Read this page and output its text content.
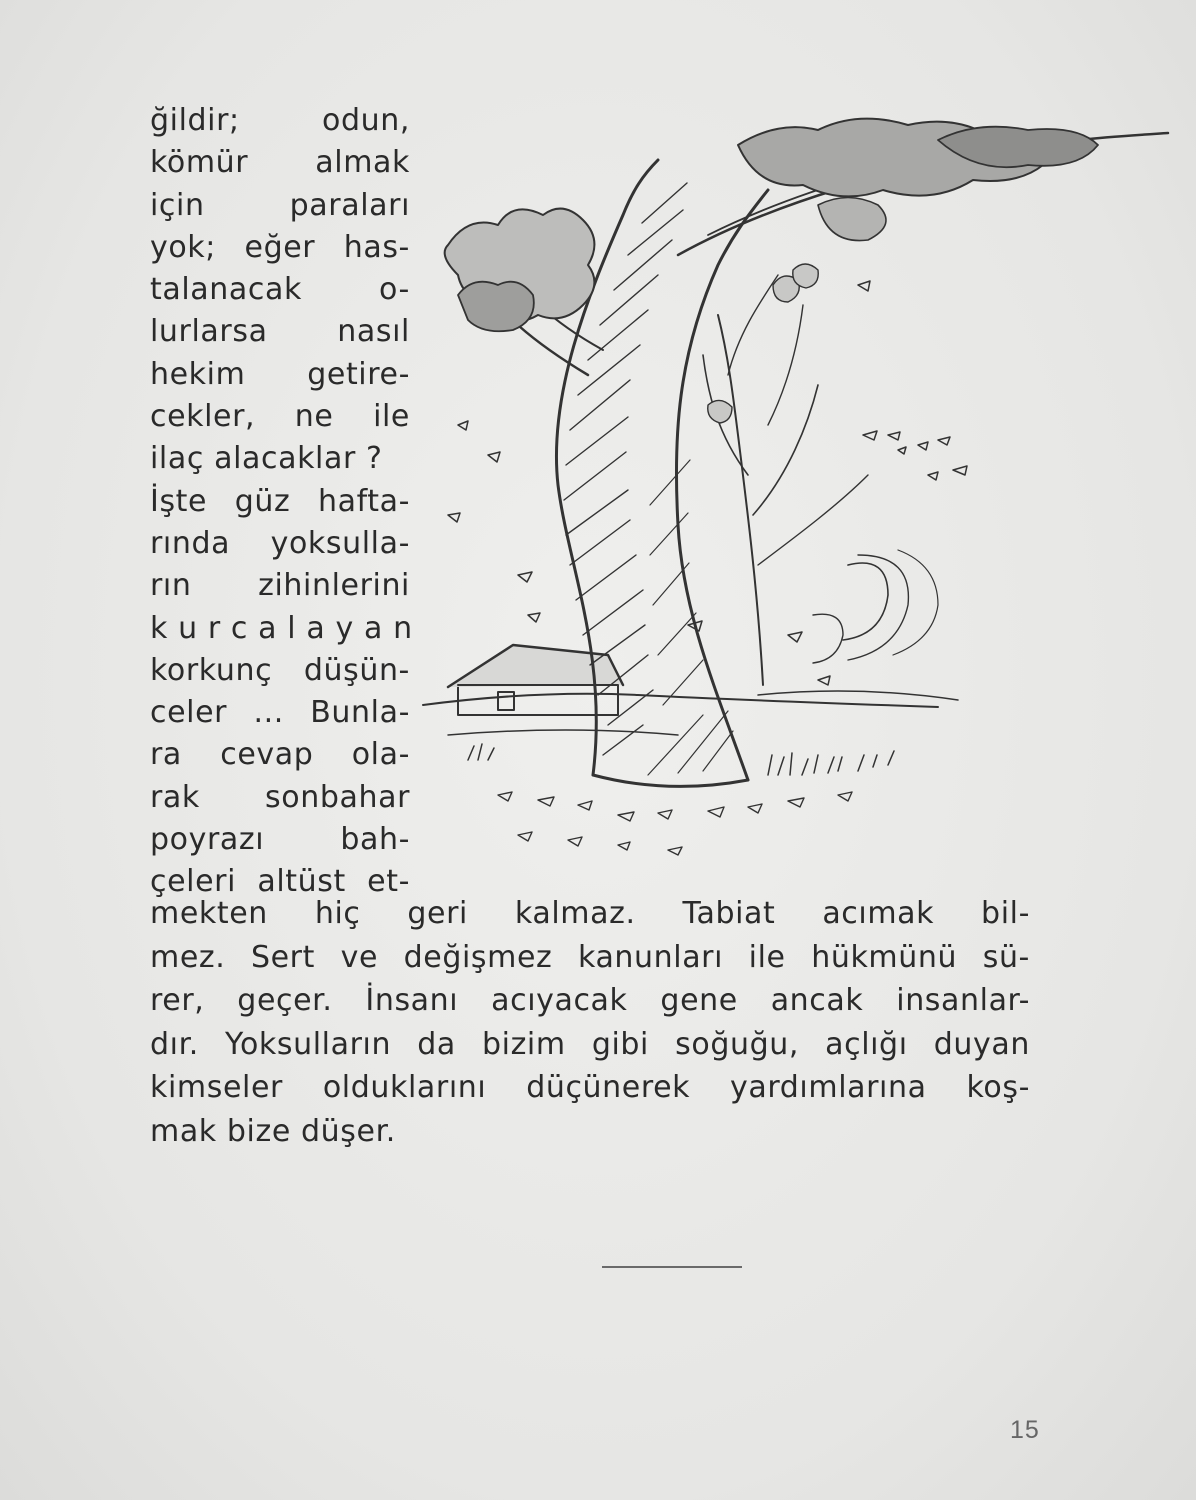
ğildir; odun,
kömür almak
için paraları
yok; eğer has-
talanacak o-
lurlarsa nasıl
hekim getire-
cekler, ne ile
ilaç alacaklar ?
İşte güz hafta-
rında yoksulla-
rın zihinlerini
k u r c a l a y a n
korkunç düşün-
celer ... Bunla-
ra cevap ola-
rak sonbahar
poyrazı bah-
çeleri altüst et-
mekten hiç geri kalmaz. Tabiat acımak bil-
mez. Sert ve değişmez kanunları ile hükmünü sü-
rer, geçer. İnsanı acıyacak gene ancak insanlar-
dır. Yoksulların da bizim gibi soğuğu, açlığı duyan
kimseler olduklarını düçünerek yardımlarına koş-
mak bize düşer.
15
